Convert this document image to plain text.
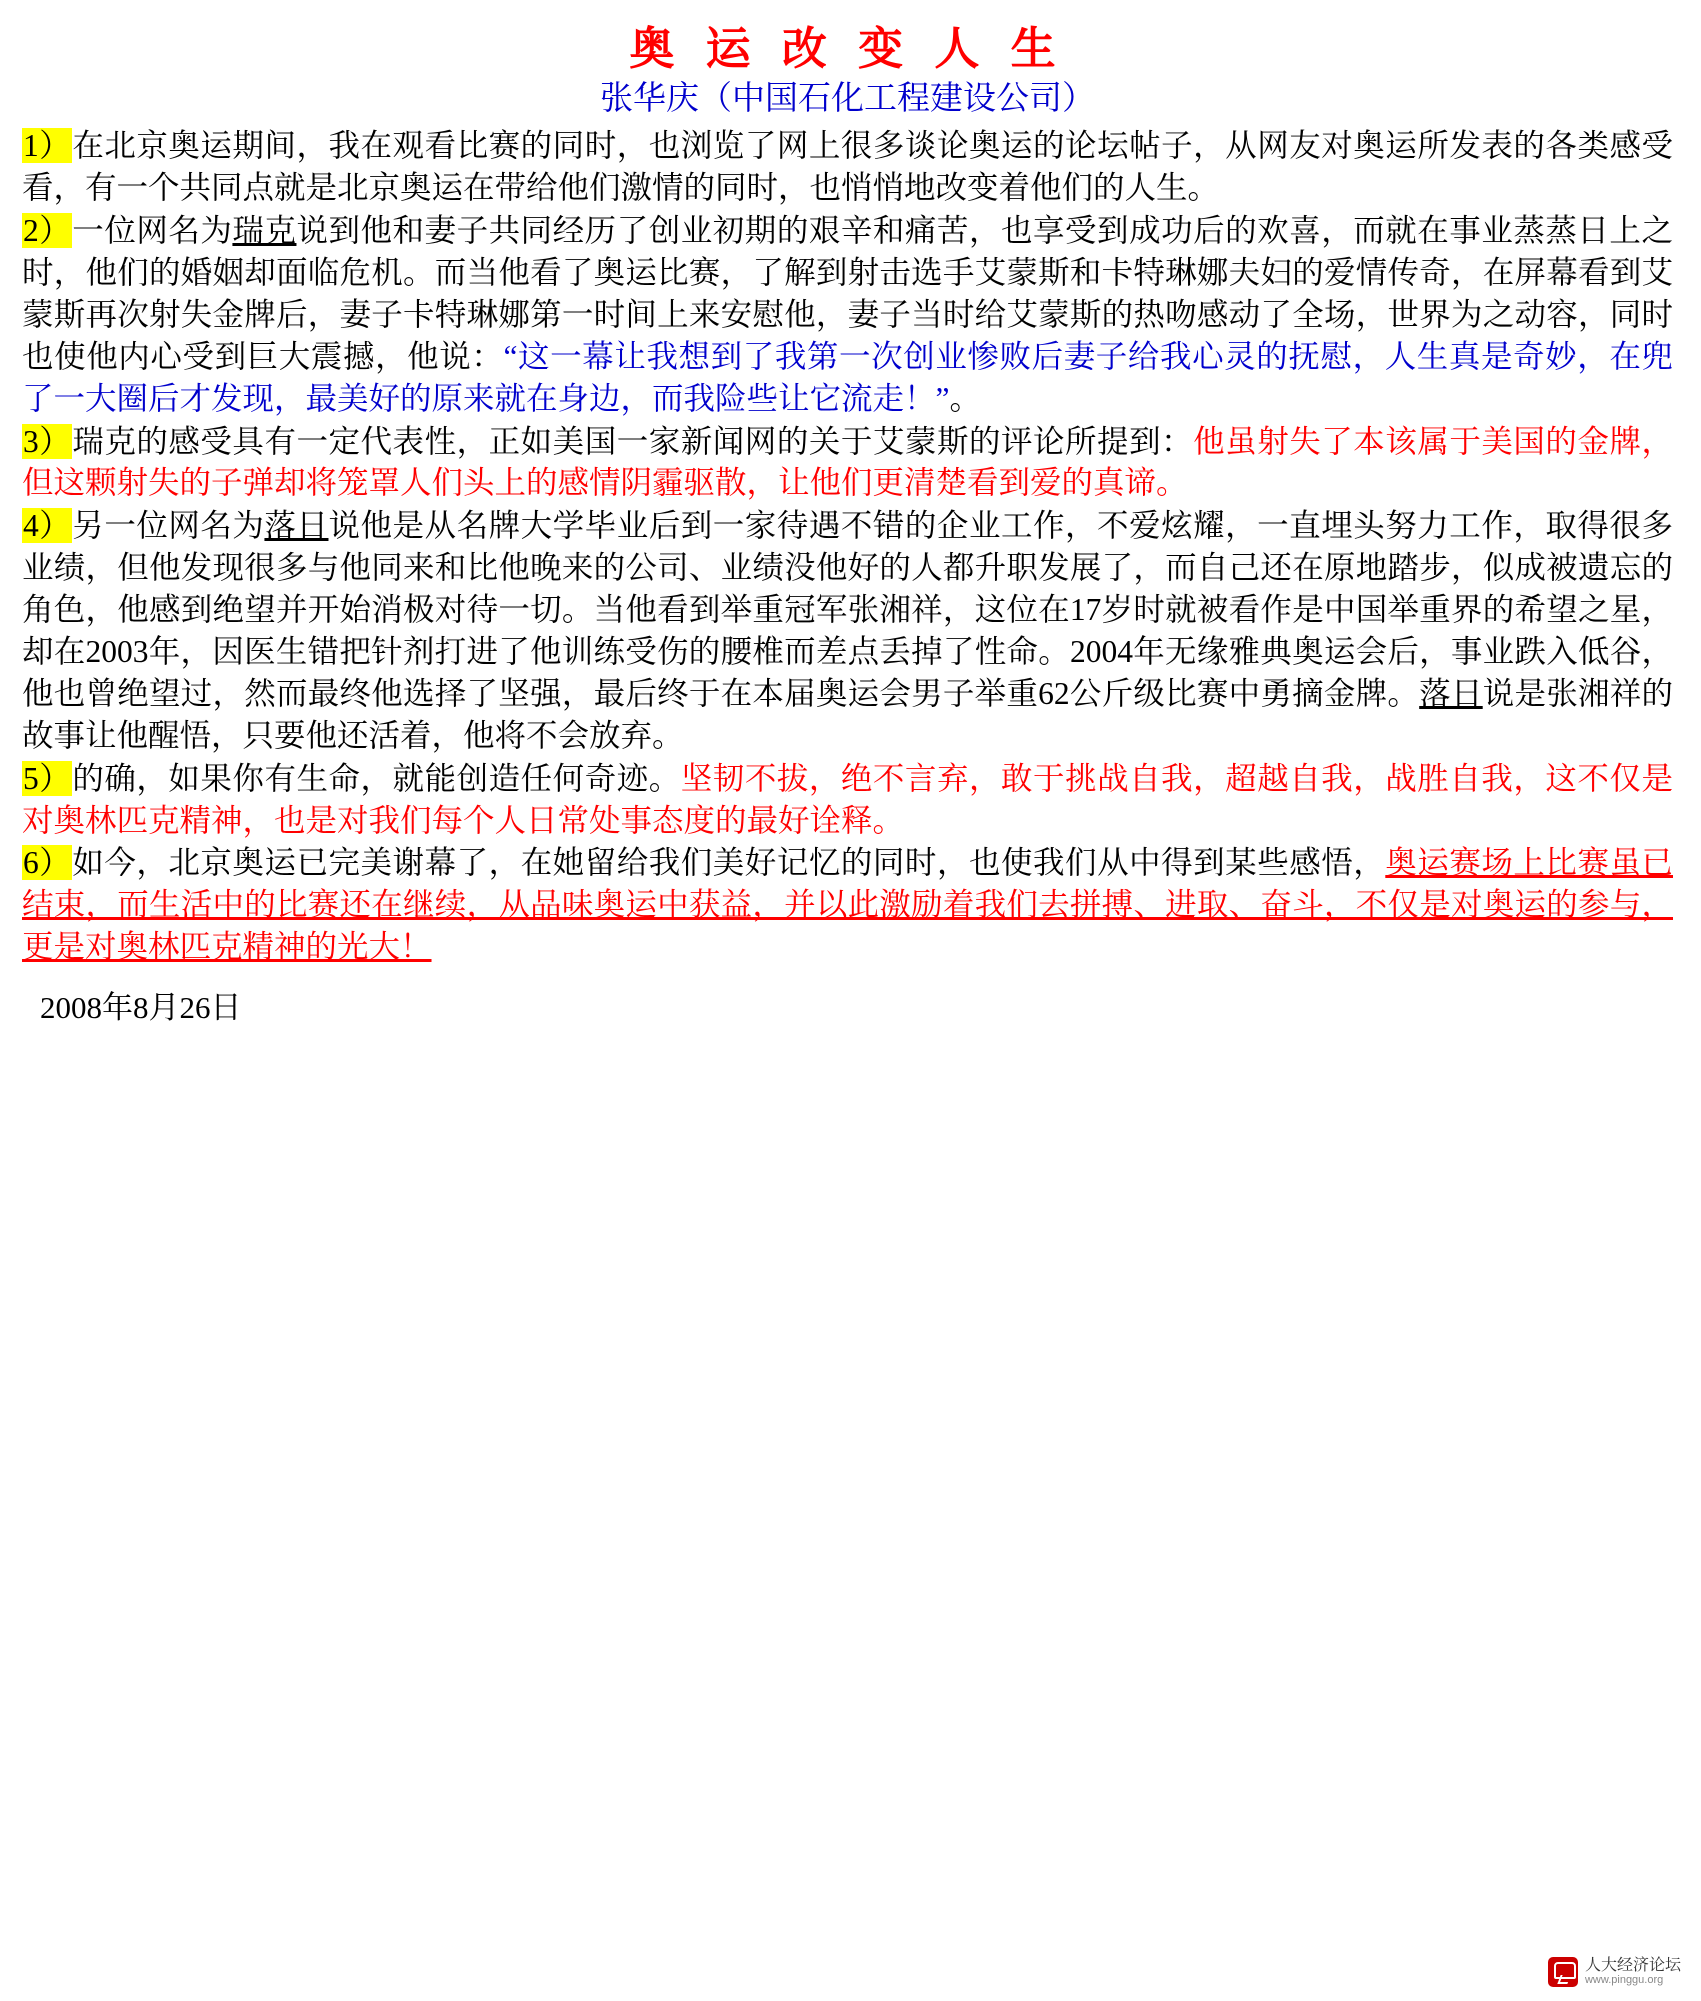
奥 运 改 变 人 生
张华庆（中国石化工程建设公司）
1）在北京奥运期间，我在观看比赛的同时，也浏览了网上很多谈论奥运的论坛帖子，从网友对奥运所发表的各类感受看，有一个共同点就是北京奥运在带给他们激情的同时，也悄悄地改变着他们的人生。
2）一位网名为瑞克说到他和妻子共同经历了创业初期的艰辛和痛苦，也享受到成功后的欢喜，而就在事业蒸蒸日上之时，他们的婚姻却面临危机。而当他看了奥运比赛，了解到射击选手艾蒙斯和卡特琳娜夫妇的爱情传奇，在屏幕看到艾蒙斯再次射失金牌后，妻子卡特琳娜第一时间上来安慰他，妻子当时给艾蒙斯的热吻感动了全场，世界为之动容，同时也使他内心受到巨大震撼，他说：“这一幕让我想到了我第一次创业惨败后妻子给我心灵的抚慰，人生真是奇妙，在兜了一大圈后才发现，最美好的原来就在身边，而我险些让它流走！”。
3）瑞克的感受具有一定代表性，正如美国一家新闻网的关于艾蒙斯的评论所提到：他虽射失了本该属于美国的金牌，但这颗射失的子弹却将笼罩人们头上的感情阴霾驱散，让他们更清楚看到爱的真谛。
4）另一位网名为落日说他是从名牌大学毕业后到一家待遇不错的企业工作，不爱炫耀，一直埋头努力工作，取得很多业绩，但他发现很多与他同来和比他晚来的公司、业绩没他好的人都升职发展了，而自己还在原地踏步，似成被遗忘的角色，他感到绝望并开始消极对待一切。当他看到举重冠军张湘祥，这位在17岁时就被看作是中国举重界的希望之星，却在2003年，因医生错把针剂打进了他训练受伤的腰椎而差点丢掉了性命。2004年无缘雅典奥运会后，事业跌入低谷，他也曾绝望过，然而最终他选择了坚强，最后终于在本届奥运会男子举重62公斤级比赛中勇摘金牌。落日说是张湘祥的故事让他醒悟，只要他还活着，他将不会放弃。
5）的确，如果你有生命，就能创造任何奇迹。坚韧不拔，绝不言弃，敢于挑战自我，超越自我，战胜自我，这不仅是对奥林匹克精神，也是对我们每个人日常处事态度的最好诠释。
6）如今，北京奥运已完美谢幕了，在她留给我们美好记忆的同时，也使我们从中得到某些感悟，奥运赛场上比赛虽已结束，而生活中的比赛还在继续，从品味奥运中获益，并以此激励着我们去拼搏、进取、奋斗，不仅是对奥运的参与，更是对奥林匹克精神的光大！
2008年8月26日
人大经济论坛
www.pinggu.org
